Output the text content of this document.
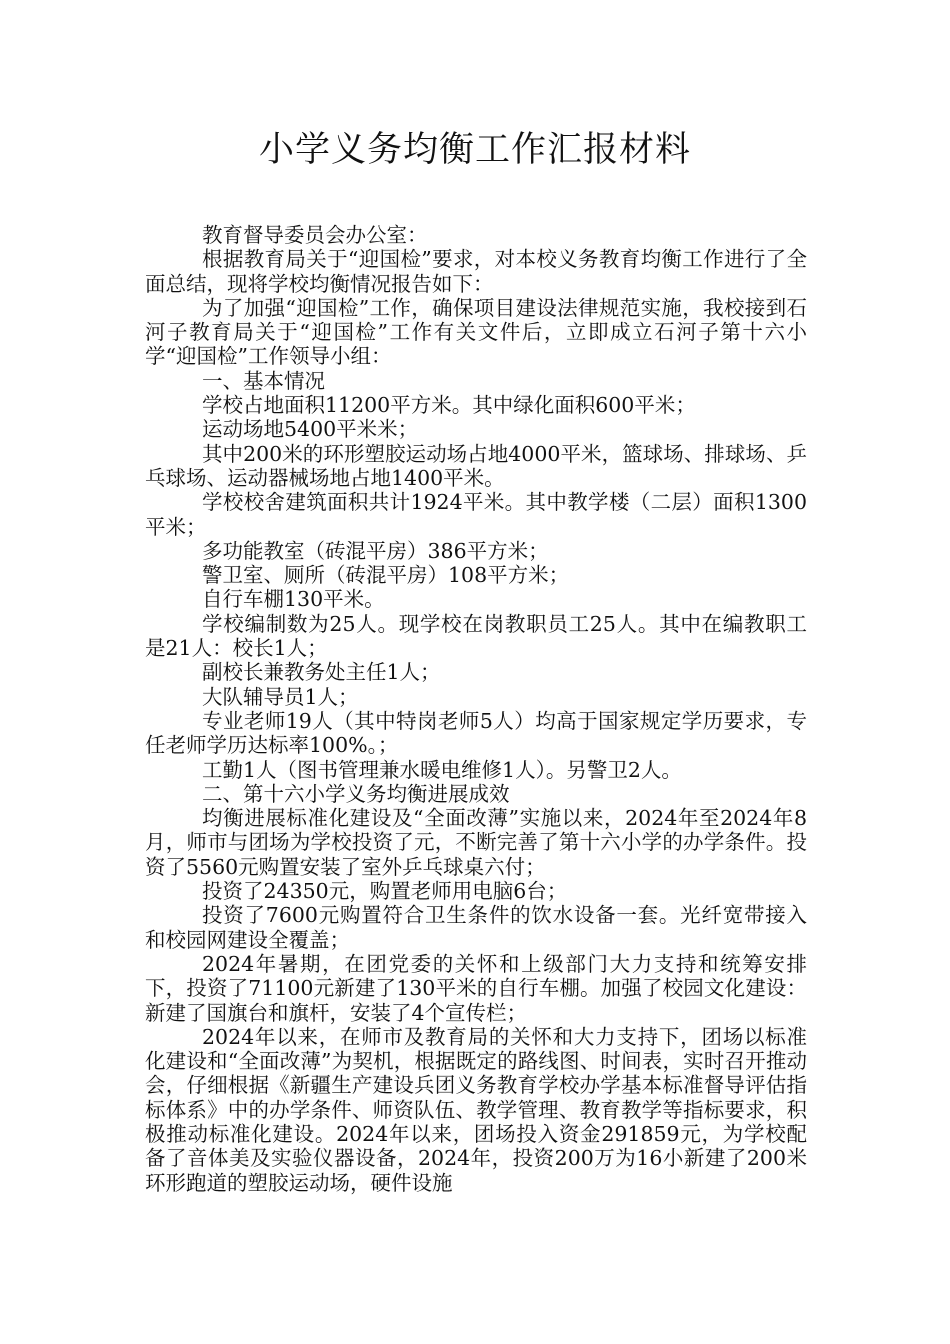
小学义务均衡工作汇报材料

教育督导委员会办公室：

根据教育局关于“迎国检”要求，对本校义务教育均衡工作进行了全面总结，现将学校均衡情况报告如下：

为了加强“迎国检”工作，确保项目建设法律规范实施，我校接到石河子教育局关于“迎国检”工作有关文件后，立即成立石河子第十六小学“迎国检”工作领导小组：

一、基本情况

学校占地面积11200平方米。其中绿化面积600平米；

运动场地5400平米米；

其中200米的环形塑胶运动场占地4000平米，篮球场、排球场、乒乓球场、运动器械场地占地1400平米。

学校校舍建筑面积共计1924平米。其中教学楼（二层）面积1300平米；

多功能教室（砖混平房）386平方米；

警卫室、厕所（砖混平房）108平方米；

自行车棚130平米。

学校编制数为25人。现学校在岗教职员工25人。其中在编教职工是21人：校长1人；

副校长兼教务处主任1人；

大队辅导员1人；

专业老师19人（其中特岗老师5人）均高于国家规定学历要求，专任老师学历达标率100%。；

工勤1人（图书管理兼水暖电维修1人）。另警卫2人。

二、第十六小学义务均衡进展成效

均衡进展标准化建设及“全面改薄”实施以来，2024年至2024年8月，师市与团场为学校投资了元，不断完善了第十六小学的办学条件。投资了5560元购置安装了室外乒乓球桌六付；

投资了24350元，购置老师用电脑6台；

投资了7600元购置符合卫生条件的饮水设备一套。光纤宽带接入和校园网建设全覆盖；

2024年暑期，在团党委的关怀和上级部门大力支持和统筹安排下，投资了71100元新建了130平米的自行车棚。加强了校园文化建设：新建了国旗台和旗杆，安装了4个宣传栏；

2024年以来，在师市及教育局的关怀和大力支持下，团场以标准化建设和“全面改薄”为契机，根据既定的路线图、时间表，实时召开推动会，仔细根据《新疆生产建设兵团义务教育学校办学基本标准督导评估指标体系》中的办学条件、师资队伍、教学管理、教育教学等指标要求，积极推动标准化建设。2024年以来，团场投入资金291859元，为学校配备了音体美及实验仪器设备，2024年，投资200万为16小新建了200米环形跑道的塑胶运动场，硬件设施
